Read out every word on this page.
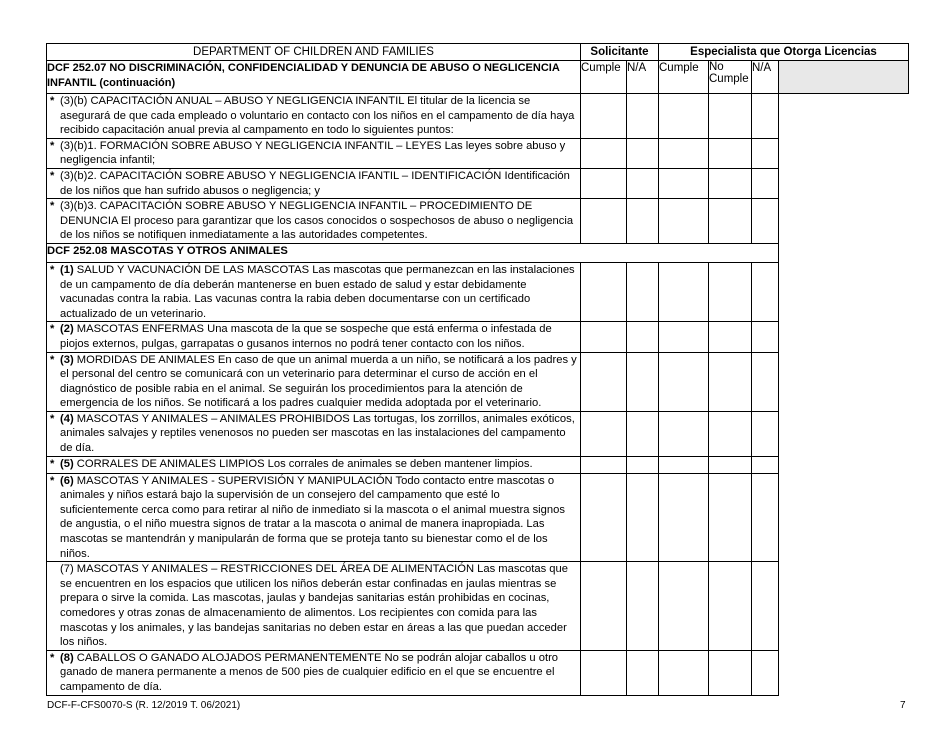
DEPARTMENT OF CHILDREN AND FAMILIES	Solicitante		Especialista que Otorga Licencias			
DCF 252.07 NO DISCRIMINACIÓN, CONFIDENCIALIDAD Y DENUNCIA DE ABUSO O NEGLICENCIA INFANTIL (continuación)	Cumple	N/A	Cumple	No Cumple	N/A	

* (3)(b) CAPACITACIÓN ANUAL – ABUSO Y NEGLIGENCIA INFANTIL El titular de la licencia se asegurará de que cada empleado o voluntario en contacto con los niños en el campamento de día haya recibido capacitación anual previa al campamento en todo lo siguientes puntos:						

* (3)(b)1. FORMACIÓN SOBRE ABUSO Y NEGLIGENCIA INFANTIL – LEYES Las leyes sobre abuso y negligencia infantil;						

* (3)(b)2. CAPACITACIÓN SOBRE ABUSO Y NEGLIGENCIA IFANTIL – IDENTIFICACIÓN Identificación de los niños que han sufrido abusos o negligencia; y						

* (3)(b)3. CAPACITACIÓN SOBRE ABUSO Y NEGLIGENCIA INFANTIL – PROCEDIMIENTO DE DENUNCIA El proceso para garantizar que los casos conocidos o sospechosos de abuso o negligencia de los niños se notifiquen inmediatamente a las autoridades competentes.						

DCF 252.08 MASCOTAS Y OTROS ANIMALES						

* (1) SALUD Y VACUNACIÓN DE LAS MASCOTAS Las mascotas que permanezcan en las instalaciones de un campamento de día deberán mantenerse en buen estado de salud y estar debidamente vacunadas contra la rabia. Las vacunas contra la rabia deben documentarse con un certificado actualizado de un veterinario.						

* (2) MASCOTAS ENFERMAS Una mascota de la que se sospeche que está enferma o infestada de piojos externos, pulgas, garrapatas o gusanos internos no podrá tener contacto con los niños.						

* (3) MORDIDAS DE ANIMALES En caso de que un animal muerda a un niño, se notificará a los padres y el personal del centro se comunicará con un veterinario para determinar el curso de acción en el diagnóstico de posible rabia en el animal. Se seguirán los procedimientos para la atención de emergencia de los niños. Se notificará a los padres cualquier medida adoptada por el veterinario.						

* (4) MASCOTAS Y ANIMALES – ANIMALES PROHIBIDOS Las tortugas, los zorrillos, animales exóticos, animales salvajes y reptiles venenosos no pueden ser mascotas en las instalaciones del campamento de día.						

* (5) CORRALES DE ANIMALES LIMPIOS Los corrales de animales se deben mantener limpios.						

* (6) MASCOTAS Y ANIMALES - SUPERVISIÓN Y MANIPULACIÓN Todo contacto entre mascotas o animales y niños estará bajo la supervisión de un consejero del campamento que esté lo suficientemente cerca como para retirar al niño de inmediato si la mascota o el animal muestra signos de angustia, o el niño muestra signos de tratar a la mascota o animal de manera inapropiada. Las mascotas se mantendrán y manipularán de forma que se proteja tanto su bienestar como el de los niños.						

(7) MASCOTAS Y ANIMALES – RESTRICCIONES DEL ÁREA DE ALIMENTACIÓN Las mascotas que se encuentren en los espacios que utilicen los niños deberán estar confinadas en jaulas mientras se prepara o sirve la comida. Las mascotas, jaulas y bandejas sanitarias están prohibidas en cocinas, comedores y otras zonas de almacenamiento de alimentos. Los recipientes con comida para las mascotas y los animales, y las bandejas sanitarias no deben estar en áreas a las que puedan acceder los niños.						

* (8) CABALLOS O GANADO ALOJADOS PERMANENTEMENTE No se podrán alojar caballos u otro ganado de manera permanente a menos de 500 pies de cualquier edificio en el que se encuentre el campamento de día.						

DCF-F-CFS0070-S (R. 12/2019 T. 06/2021)	7
